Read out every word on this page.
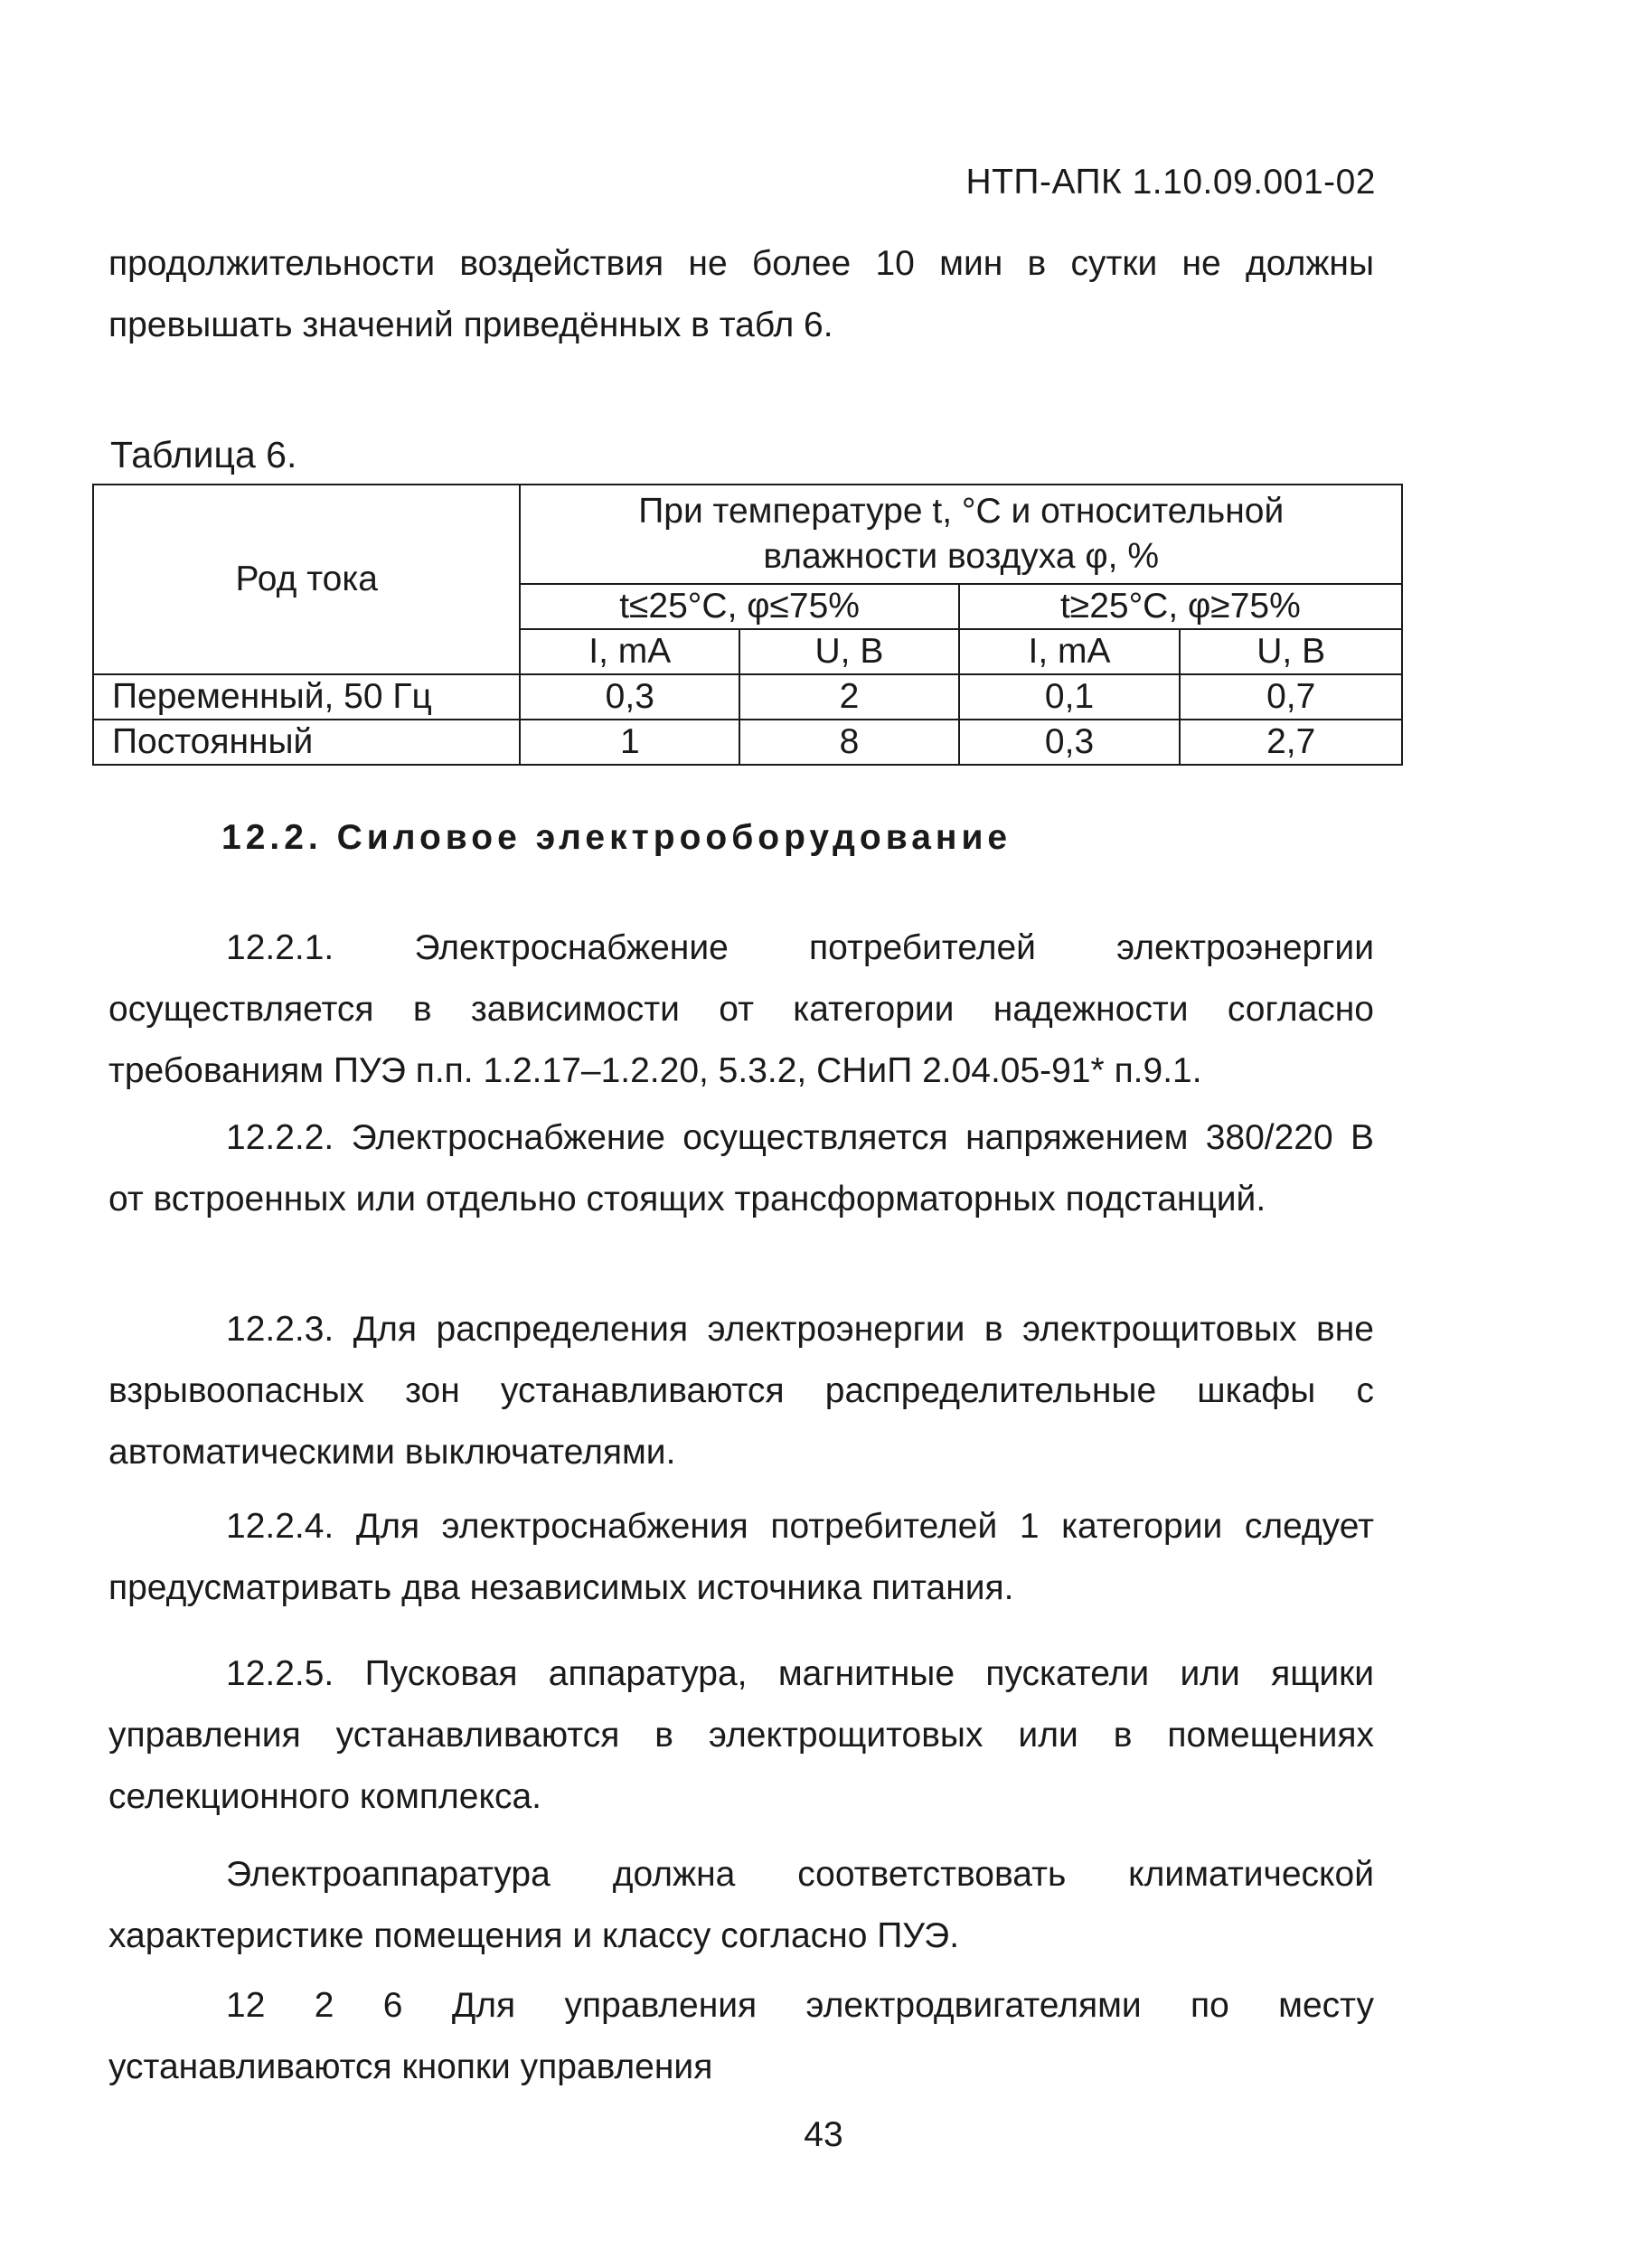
НТП-АПК 1.10.09.001-02
продолжительности воздействия не более 10 мин в сутки не должны превышать значений приведённых в табл 6.
Таблица 6.
Род тока	При температуре t, °C и относительной влажности воздуха φ, %			
	t≤25°C, φ≤75%		t≥25°C, φ≥75%	
	I, mA	U, B	I, mA	U, В
Переменный, 50 Гц	0,3	2	0,1	0,7
Постоянный	1	8	0,3	2,7
12.2. Силовое электрооборудование
12.2.1. Электроснабжение потребителей электроэнергии осуществляется в зависимости от категории надежности согласно требованиям ПУЭ п.п. 1.2.17–1.2.20, 5.3.2, СНиП 2.04.05-91* п.9.1.
12.2.2. Электроснабжение осуществляется напряжением 380/220 В от встроенных или отдельно стоящих трансформаторных подстанций.
12.2.3. Для распределения электроэнергии в электрощитовых вне взрывоопасных зон устанавливаются распределительные шкафы с автоматическими выключателями.
12.2.4. Для электроснабжения потребителей 1 категории следует предусматривать два независимых источника питания.
12.2.5. Пусковая аппаратура, магнитные пускатели или ящики управления устанавливаются в электрощитовых или в помещениях селекционного комплекса.
Электроаппаратура должна соответствовать климатической характеристике помещения и классу согласно ПУЭ.
12 2 6 Для управления электродвигателями по месту устанавливаются кнопки управления
43
